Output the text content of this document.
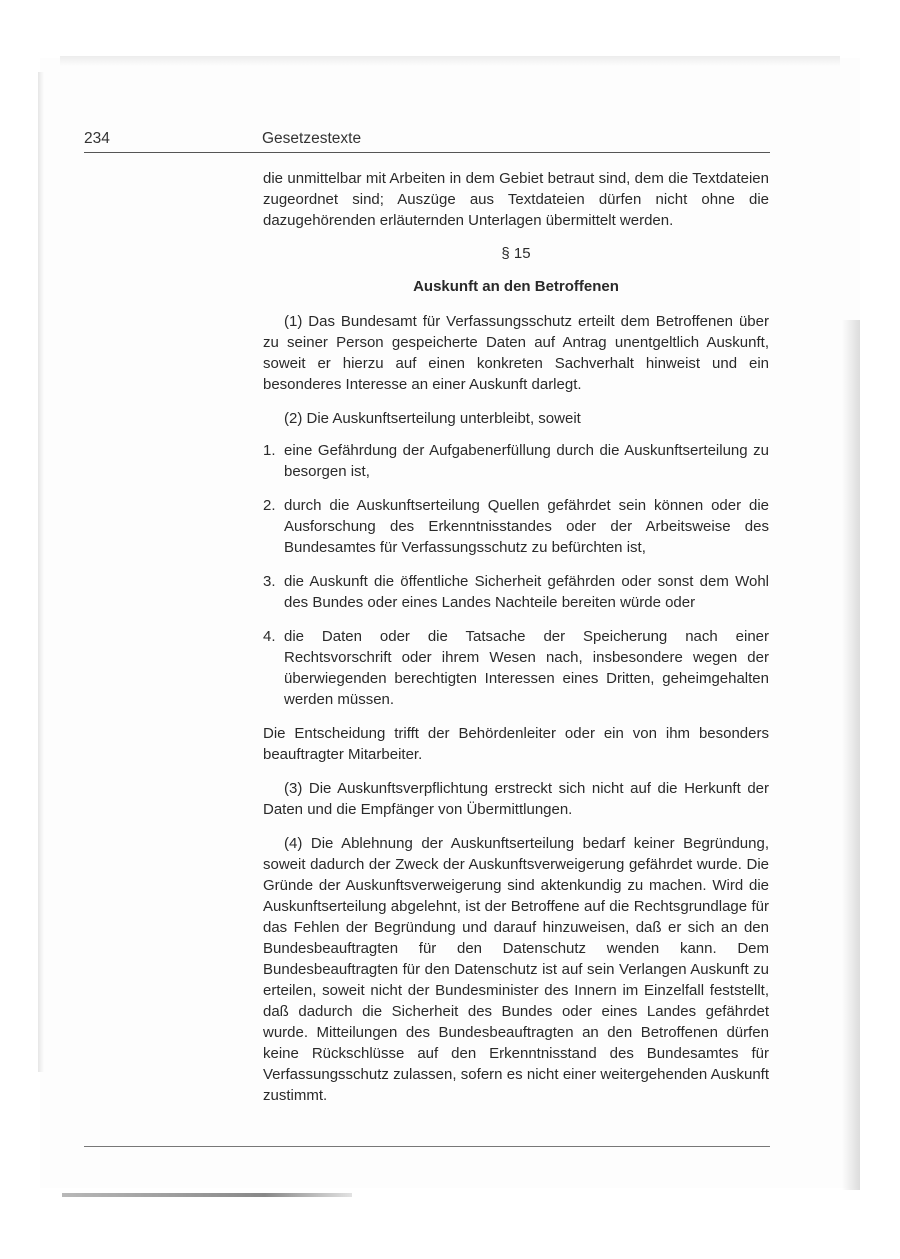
234	Gesetzestexte

die unmittelbar mit Arbeiten in dem Gebiet betraut sind, dem die Textdateien zugeordnet sind; Auszüge aus Textdateien dürfen nicht ohne die dazugehörenden erläuternden Unterlagen übermittelt werden.

§ 15

Auskunft an den Betroffenen

(1) Das Bundesamt für Verfassungsschutz erteilt dem Betroffenen über zu seiner Person gespeicherte Daten auf Antrag unentgeltlich Auskunft, soweit er hierzu auf einen konkreten Sachverhalt hinweist und ein besonderes Interesse an einer Auskunft darlegt.

(2) Die Auskunftserteilung unterbleibt, soweit

1. eine Gefährdung der Aufgabenerfüllung durch die Auskunftserteilung zu besorgen ist,
2. durch die Auskunftserteilung Quellen gefährdet sein können oder die Ausforschung des Erkenntnisstandes oder der Arbeitsweise des Bundesamtes für Verfassungsschutz zu befürchten ist,
3. die Auskunft die öffentliche Sicherheit gefährden oder sonst dem Wohl des Bundes oder eines Landes Nachteile bereiten würde oder
4. die Daten oder die Tatsache der Speicherung nach einer Rechtsvorschrift oder ihrem Wesen nach, insbesondere wegen der überwiegenden berechtigten Interessen eines Dritten, geheimgehalten werden müssen.

Die Entscheidung trifft der Behördenleiter oder ein von ihm besonders beauftragter Mitarbeiter.

(3) Die Auskunftsverpflichtung erstreckt sich nicht auf die Herkunft der Daten und die Empfänger von Übermittlungen.

(4) Die Ablehnung der Auskunftserteilung bedarf keiner Begründung, soweit dadurch der Zweck der Auskunftsverweigerung gefährdet wurde. Die Gründe der Auskunftsverweigerung sind aktenkundig zu machen. Wird die Auskunftserteilung abgelehnt, ist der Betroffene auf die Rechtsgrundlage für das Fehlen der Begründung und darauf hinzuweisen, daß er sich an den Bundesbeauftragten für den Datenschutz wenden kann. Dem Bundesbeauftragten für den Datenschutz ist auf sein Verlangen Auskunft zu erteilen, soweit nicht der Bundesminister des Innern im Einzelfall feststellt, daß dadurch die Sicherheit des Bundes oder eines Landes gefährdet wurde. Mitteilungen des Bundesbeauftragten an den Betroffenen dürfen keine Rückschlüsse auf den Erkenntnisstand des Bundesamtes für Verfassungsschutz zulassen, sofern es nicht einer weitergehenden Auskunft zustimmt.
